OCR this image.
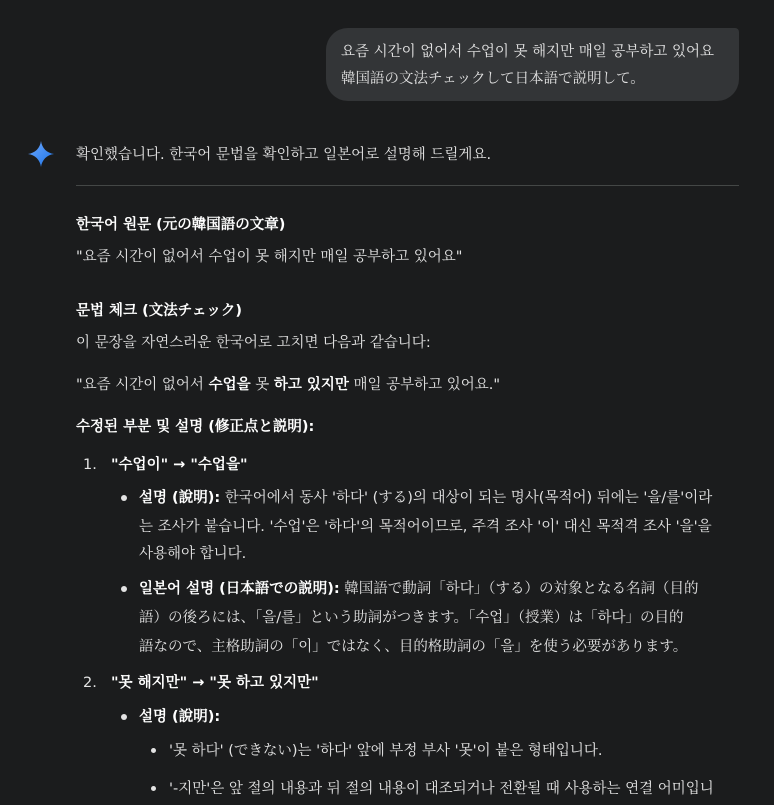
요즘 시간이 없어서 수업이 못 해지만 매일 공부하고 있어요
韓国語の文法チェックして日本語で説明して。
확인했습니다. 한국어 문법을 확인하고 일본어로 설명해 드릴게요.
한국어 원문 (元の韓国語の文章)
"요즘 시간이 없어서 수업이 못 해지만 매일 공부하고 있어요"
문법 체크 (文法チェック)
이 문장을 자연스러운 한국어로 고치면 다음과 같습니다:
"요즘 시간이 없어서 수업을 못 하고 있지만 매일 공부하고 있어요."
수정된 부분 및 설명 (修正点と説明):
1. "수업이" → "수업을"
설명 (說明): 한국어에서 동사 '하다' (する)의 대상이 되는 명사(목적어) 뒤에는 '을/를'이라
는 조사가 붙습니다. '수업'은 '하다'의 목적어이므로, 주격 조사 '이' 대신 목적격 조사 '을'을
사용해야 합니다.
일본어 설명 (日本語での説明): 韓国語で動詞「하다」（する）の対象となる名詞（目的
語）の後ろには、「을/를」という助詞がつきます。「수업」（授業）は「하다」の目的
語なので、主格助詞の「이」ではなく、目的格助詞の「을」を使う必要があります。
2. "못 해지만" → "못 하고 있지만"
설명 (說明):
'못 하다' (できない)는 '하다' 앞에 부정 부사 '못'이 붙은 형태입니다.
'-지만'은 앞 절의 내용과 뒤 절의 내용이 대조되거나 전환될 때 사용하는 연결 어미입니
